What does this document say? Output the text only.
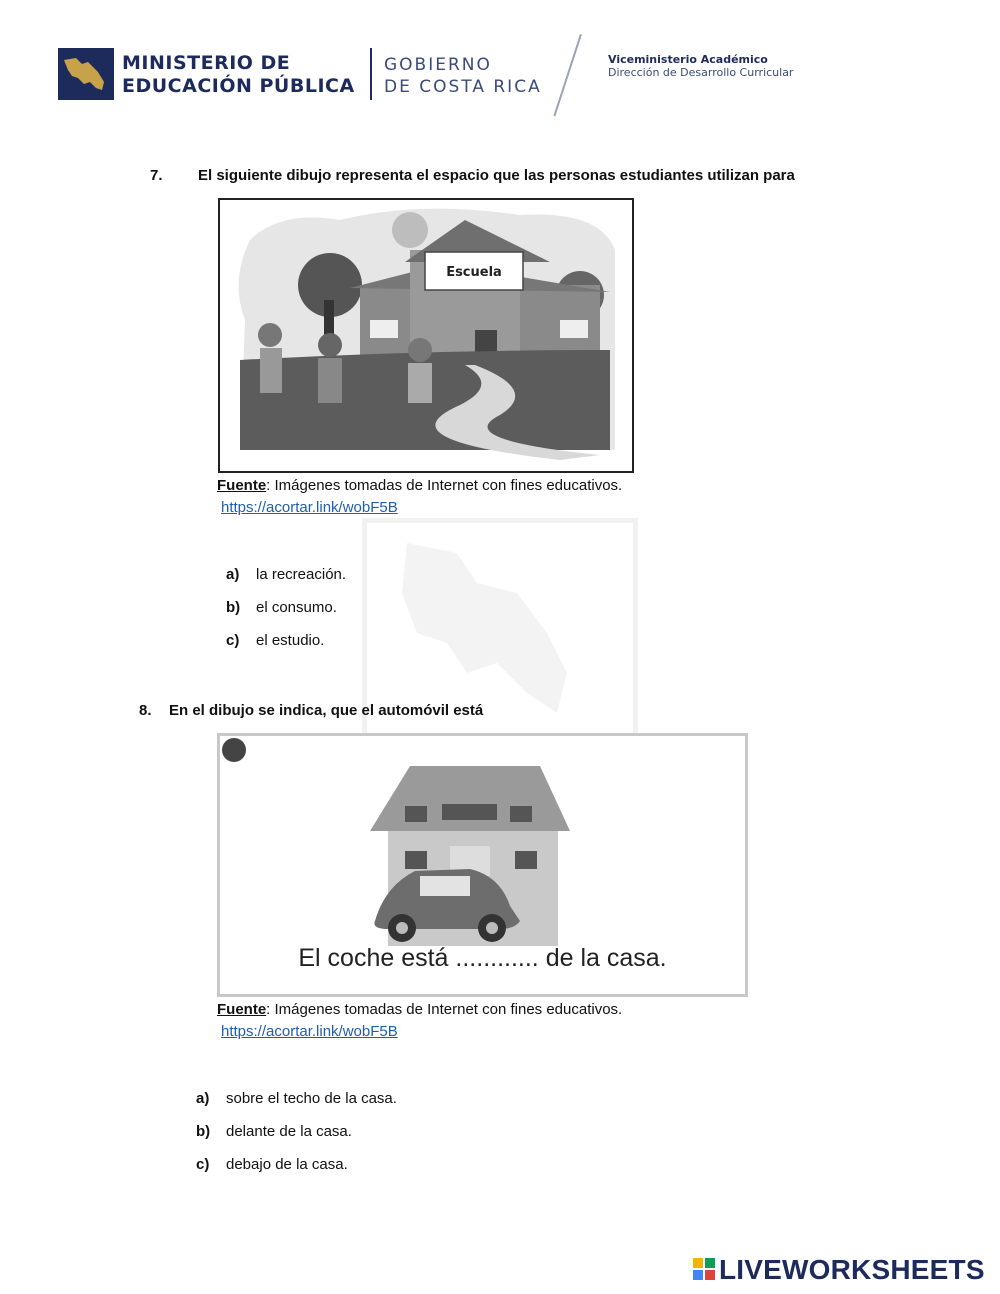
MINISTERIO DE
EDUCACIÓN PÚBLICA
GOBIERNO
DE COSTA RICA
Viceministerio Académico
Dirección de Desarrollo Curricular
7. El siguiente dibujo representa el espacio que las personas estudiantes utilizan para
Escuela
Fuente: Imágenes tomadas de Internet con fines educativos.
https://acortar.link/wobF5B
a) la recreación.
b) el consumo.
c) el estudio.
8. En el dibujo se indica, que el automóvil está
El coche está ............ de la casa.
Fuente: Imágenes tomadas de Internet con fines educativos.
https://acortar.link/wobF5B
a) sobre el techo de la casa.
b) delante de la casa.
c) debajo de la casa.
LIVEWORKSHEETS
